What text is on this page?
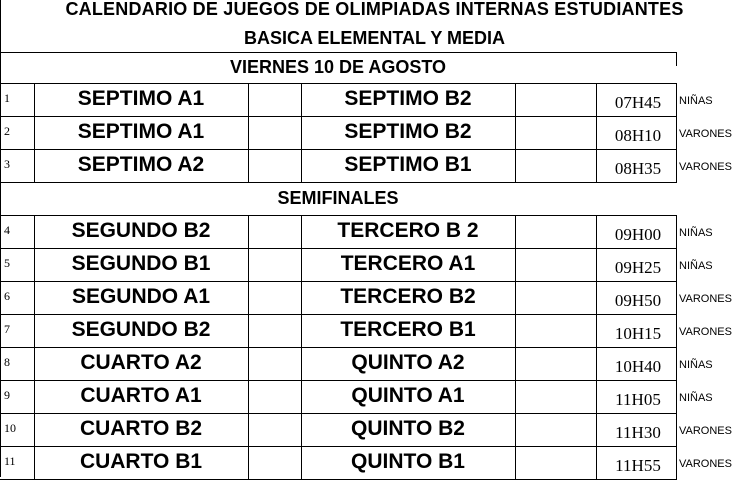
CALENDARIO DE JUEGOS DE OLIMPIADAS INTERNAS ESTUDIANTES
BASICA ELEMENTAL Y MEDIA
VIERNES 10 DE AGOSTO
1	SEPTIMO A1	SEPTIMO B2	07H45	NIÑAS
2	SEPTIMO A1	SEPTIMO B2	08H10	VARONES
3	SEPTIMO A2	SEPTIMO B1	08H35	VARONES
SEMIFINALES
4	SEGUNDO B2	TERCERO B 2	09H00	NIÑAS
5	SEGUNDO B1	TERCERO A1	09H25	NIÑAS
6	SEGUNDO A1	TERCERO B2	09H50	VARONES
7	SEGUNDO B2	TERCERO B1	10H15	VARONES
8	CUARTO A2	QUINTO A2	10H40	NIÑAS
9	CUARTO A1	QUINTO A1	11H05	NIÑAS
10	CUARTO B2	QUINTO B2	11H30	VARONES
11	CUARTO B1	QUINTO B1	11H55	VARONES
